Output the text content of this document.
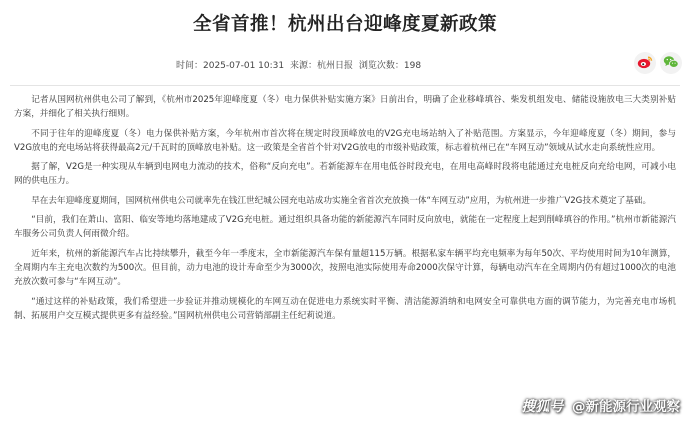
全省首推！杭州出台迎峰度夏新政策
时间：2025-07-01 10:31 来源：杭州日报 浏览次数：198

记者从国网杭州供电公司了解到，《杭州市2025年迎峰度夏（冬）电力保供补贴实施方案》日前出台，明确了企业移峰填谷、柴发机组发电、储能设施放电三大类别补贴方案，并细化了相关执行细则。

不同于往年的迎峰度夏（冬）电力保供补贴方案，今年杭州市首次将在规定时段顶峰放电的V2G充电场站纳入了补贴范围。方案显示，今年迎峰度夏（冬）期间，参与V2G放电的充电场站将获得最高2元/千瓦时的顶峰放电补贴。这一政策是全省首个针对V2G放电的市级补贴政策，标志着杭州已在“车网互动”领域从试水走向系统性应用。

据了解，V2G是一种实现从车辆到电网电力流动的技术，俗称“反向充电”。若新能源车在用电低谷时段充电，在用电高峰时段将电能通过充电桩反向充给电网，可减小电网的供电压力。

早在去年迎峰度夏期间，国网杭州供电公司就率先在钱江世纪城公园充电站成功实施全省首次充放换一体“车网互动”应用，为杭州进一步推广V2G技术奠定了基础。

“目前，我们在萧山、富阳、临安等地均落地建成了V2G充电桩。通过组织具备功能的新能源汽车同时反向放电，就能在一定程度上起到削峰填谷的作用。”杭州市新能源汽车服务公司负责人何雨微介绍。

近年来，杭州的新能源汽车占比持续攀升，截至今年一季度末，全市新能源汽车保有量超115万辆。根据私家车辆平均充电频率为每年50次、平均使用时间为10年测算，全周期内车主充电次数约为500次。但目前，动力电池的设计寿命至少为3000次，按照电池实际使用寿命2000次保守计算，每辆电动汽车在全周期内仍有超过1000次的电池充放次数可参与“车网互动”。

“通过这样的补贴政策，我们希望进一步验证并推动规模化的车网互动在促进电力系统实时平衡、清洁能源消纳和电网安全可靠供电方面的调节能力，为完善充电市场机制、拓展用户交互模式提供更多有益经验。”国网杭州供电公司营销部副主任纪莉说道。

搜狐号 @新能源行业观察
